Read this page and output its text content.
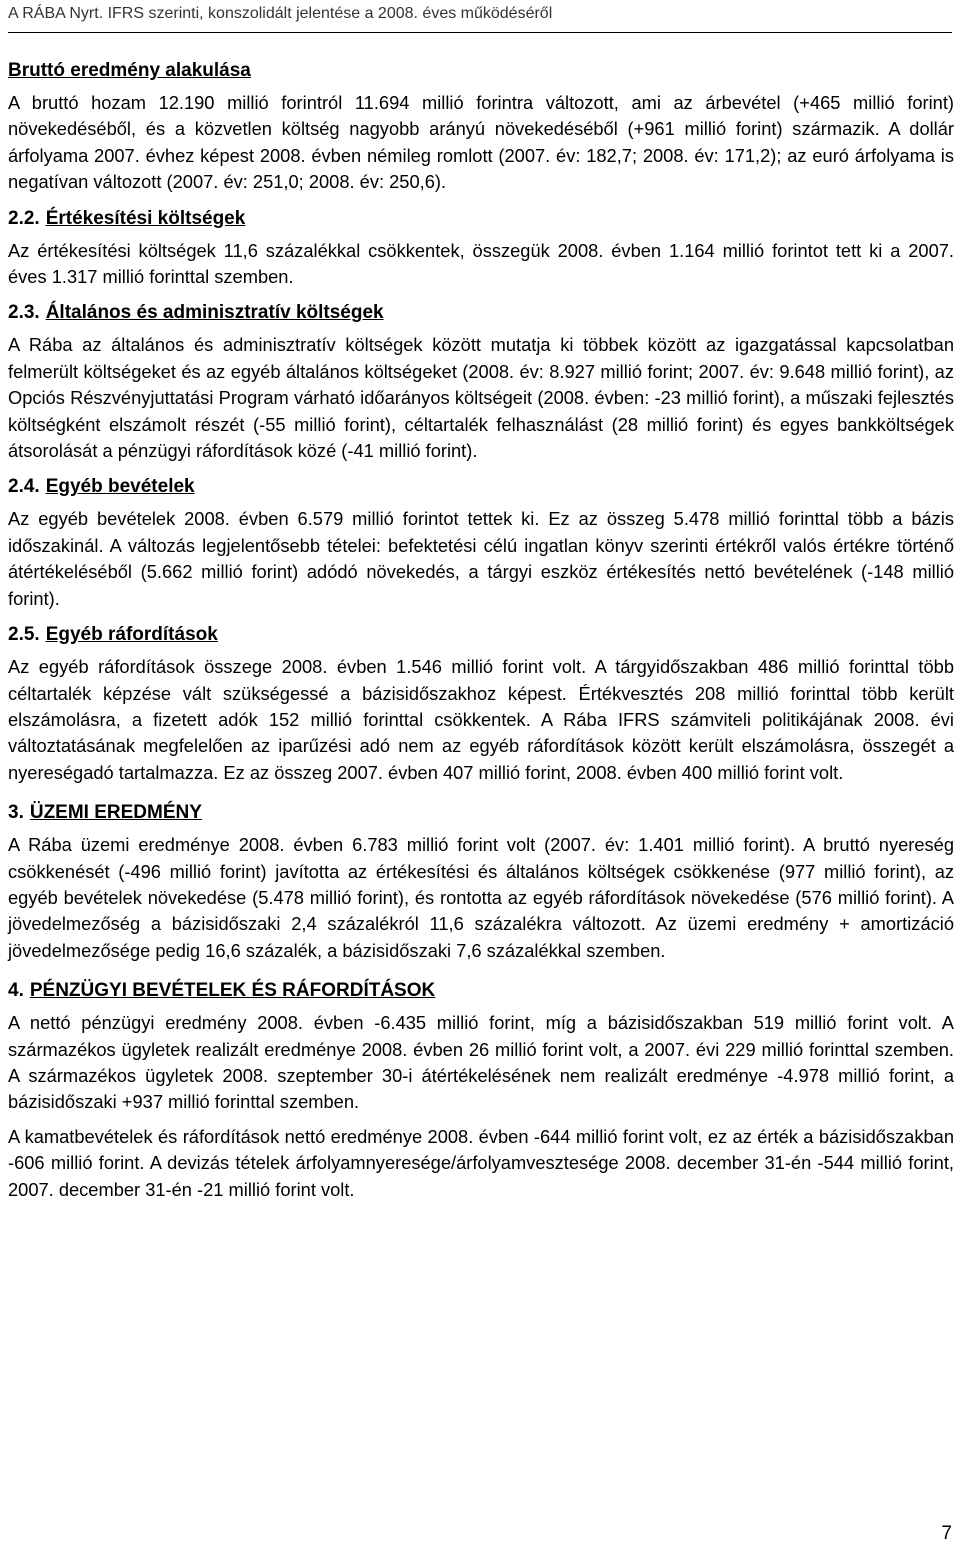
A RÁBA Nyrt. IFRS szerinti, konszolidált jelentése a 2008. éves működéséről
Bruttó eredmény alakulása

A bruttó hozam 12.190 millió forintról 11.694 millió forintra változott, ami az árbevétel (+465 millió forint) növekedéséből, és a közvetlen költség nagyobb arányú növekedéséből (+961 millió forint) származik. A dollár árfolyama 2007. évhez képest 2008. évben némileg romlott (2007. év: 182,7; 2008. év: 171,2); az euró árfolyama is negatívan változott (2007. év: 251,0; 2008. év: 250,6).

2.2. Értékesítési költségek

Az értékesítési költségek 11,6 százalékkal csökkentek, összegük 2008. évben 1.164 millió forintot tett ki a 2007. éves 1.317 millió forinttal szemben.

2.3. Általános és adminisztratív költségek

A Rába az általános és adminisztratív költségek között mutatja ki többek között az igazgatással kapcsolatban felmerült költségeket és az egyéb általános költségeket (2008. év: 8.927 millió forint; 2007. év: 9.648 millió forint), az Opciós Részvényjuttatási Program várható időarányos költségeit (2008. évben: -23 millió forint), a műszaki fejlesztés költségként elszámolt részét (-55 millió forint), céltartalék felhasználást (28 millió forint) és egyes bankköltségek átsorolását a pénzügyi ráfordítások közé (-41 millió forint).

2.4. Egyéb bevételek

Az egyéb bevételek 2008. évben 6.579 millió forintot tettek ki. Ez az összeg 5.478 millió forinttal több a bázis időszakinál. A változás legjelentősebb tételei: befektetési célú ingatlan könyv szerinti értékről valós értékre történő átértékeléséből (5.662 millió forint) adódó növekedés, a tárgyi eszköz értékesítés nettó bevételének (-148 millió forint).

2.5. Egyéb ráfordítások

Az egyéb ráfordítások összege 2008. évben 1.546 millió forint volt. A tárgyidőszakban 486 millió forinttal több céltartalék képzése vált szükségessé a bázisidőszakhoz képest. Értékvesztés 208 millió forinttal több került elszámolásra, a fizetett adók 152 millió forinttal csökkentek. A Rába IFRS számviteli politikájának 2008. évi változtatásának megfelelően az iparűzési adó nem az egyéb ráfordítások között került elszámolásra, összegét a nyereségadó tartalmazza. Ez az összeg 2007. évben 407 millió forint, 2008. évben 400 millió forint volt.

3. ÜZEMI EREDMÉNY

A Rába üzemi eredménye 2008. évben 6.783 millió forint volt (2007. év: 1.401 millió forint). A bruttó nyereség csökkenését (-496 millió forint) javította az értékesítési és általános költségek csökkenése (977 millió forint), az egyéb bevételek növekedése (5.478 millió forint), és rontotta az egyéb ráfordítások növekedése (576 millió forint). A jövedelmezőség a bázisidőszaki 2,4 százalékról 11,6 százalékra változott. Az üzemi eredmény + amortizáció jövedelmezősége pedig 16,6 százalék, a bázisidőszaki 7,6 százalékkal szemben.

4. PÉNZÜGYI BEVÉTELEK ÉS RÁFORDÍTÁSOK

A nettó pénzügyi eredmény 2008. évben -6.435 millió forint, míg a bázisidőszakban 519 millió forint volt. A származékos ügyletek realizált eredménye 2008. évben 26 millió forint volt, a 2007. évi 229 millió forinttal szemben. A származékos ügyletek 2008. szeptember 30-i átértékelésének nem realizált eredménye -4.978 millió forint, a bázisidőszaki +937 millió forinttal szemben.

A kamatbevételek és ráfordítások nettó eredménye 2008. évben -644 millió forint volt, ez az érték a bázisidőszakban -606 millió forint. A devizás tételek árfolyamnyeresége/árfolyamveszteségе 2008. december 31-én -544 millió forint, 2007. december 31-én -21 millió forint volt.

7
